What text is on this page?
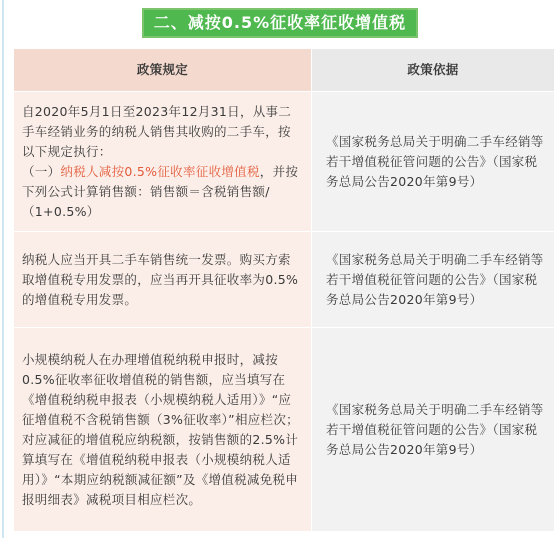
二、减按0.5%征收率征收增值税
政策规定	政策依据

自2020年5月1日至2023年12月31日，从事二手车经销业务的纳税人销售其收购的二手车，按以下规定执行：

（一）纳税人减按0.5%征收率征收增值税，并按下列公式计算销售额：销售额＝含税销售额/（1+0.5%）	《国家税务总局关于明确二手车经销等若干增值税征管问题的公告》（国家税务总局公告2020年第9号）
纳税人应当开具二手车销售统一发票。购买方索取增值税专用发票的，应当再开具征收率为0.5%的增值税专用发票。	《国家税务总局关于明确二手车经销等若干增值税征管问题的公告》（国家税务总局公告2020年第9号）
小规模纳税人在办理增值税纳税申报时，减按0.5%征收率征收增值税的销售额，应当填写在《增值税纳税申报表（小规模纳税人适用）》“应征增值税不含税销售额（3%征收率）”相应栏次；对应减征的增值税应纳税额，按销售额的2.5%计算填写在《增值税纳税申报表（小规模纳税人适用）》“本期应纳税额减征额”及《增值税减免税申报明细表》减税项目相应栏次。	《国家税务总局关于明确二手车经销等若干增值税征管问题的公告》（国家税务总局公告2020年第9号）
